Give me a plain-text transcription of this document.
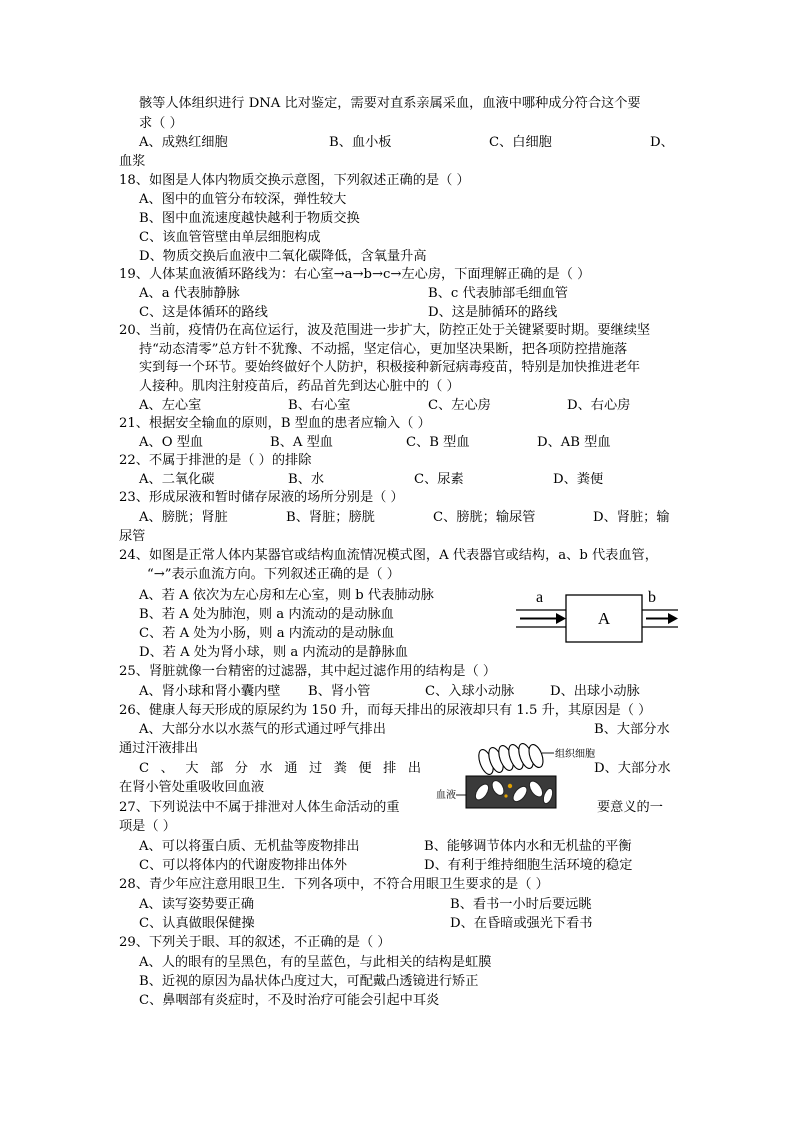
骸等人体组织进行 DNA 比对鉴定，需要对直系亲属采血，血液中哪种成分符合这个要
求（ ）
A、成熟红细胞	B、血小板	C、白细胞	D、
血浆
18、如图是人体内物质交换示意图，下列叙述正确的是（ ）
A、图中的血管分布较深，弹性较大
B、图中血流速度越快越利于物质交换
C、该血管管壁由单层细胞构成
D、物质交换后血液中二氧化碳降低，含氧量升高
19、人体某血液循环路线为：右心室→a→b→c→左心房，下面理解正确的是（ ）
A、a 代表肺静脉	B、c 代表肺部毛细血管
C、这是体循环的路线	D、这是肺循环的路线
20、当前，疫情仍在高位运行，波及范围进一步扩大，防控正处于关键紧要时期。要继续坚
持“动态清零”总方针不犹豫、不动摇，坚定信心，更加坚决果断，把各项防控措施落
实到每一个环节。要始终做好个人防护，积极接种新冠病毒疫苗，特别是加快推进老年
人接种。肌肉注射疫苗后，药品首先到达心脏中的（ ）
A、左心室	B、右心室	C、左心房	D、右心房
21、根据安全输血的原则，B 型血的患者应输入（ ）
A、O 型血	B、A 型血	C、B 型血	D、AB 型血
22、不属于排泄的是（ ）的排除
A、二氧化碳	B、水	C、尿素	D、粪便
23、形成尿液和暂时储存尿液的场所分别是（ ）
A、膀胱；肾脏	B、肾脏；膀胱	C、膀胱；输尿管	D、肾脏；输
尿管
24、如图是正常人体内某器官或结构血流情况模式图，A 代表器官或结构，a、b 代表血管，
“→”表示血流方向。下列叙述正确的是（ ）
A、若 A 依次为左心房和左心室，则 b 代表肺动脉
B、若 A 处为肺泡，则 a 内流动的是动脉血
C、若 A 处为小肠，则 a 内流动的是动脉血
D、若 A 处为肾小球，则 a 内流动的是静脉血
a
A
b
25、肾脏就像一台精密的过滤器，其中起过滤作用的结构是（ ）
A、肾小球和肾小囊内壁 B、肾小管	C、入球小动脉	D、出球小动脉
26、健康人每天形成的原尿约为 150 升，而每天排出的尿液却只有 1.5 升，其原因是（ ）
A、大部分水以水蒸气的形式通过呼气排出	B、大部分水
通过汗液排出
C 、 大 部 分 水 通 过 粪 便 排 出	D、大部分水
在肾小管处重吸收回血液
组织细胞
血液
27、下列说法中不属于排泄对人体生命活动的重	要意义的一
项是（ ）
A、可以将蛋白质、无机盐等废物排出	B、能够调节体内水和无机盐的平衡
C、可以将体内的代谢废物排出体外	D、有利于维持细胞生活环境的稳定
28、青少年应注意用眼卫生．下列各项中，不符合用眼卫生要求的是（ ）
A、读写姿势要正确	B、看书一小时后要远眺
C、认真做眼保健操	D、在昏暗或强光下看书
29、下列关于眼、耳的叙述，不正确的是（ ）
A、人的眼有的呈黑色，有的呈蓝色，与此相关的结构是虹膜
B、近视的原因为晶状体凸度过大，可配戴凸透镜进行矫正
C、鼻咽部有炎症时，不及时治疗可能会引起中耳炎
